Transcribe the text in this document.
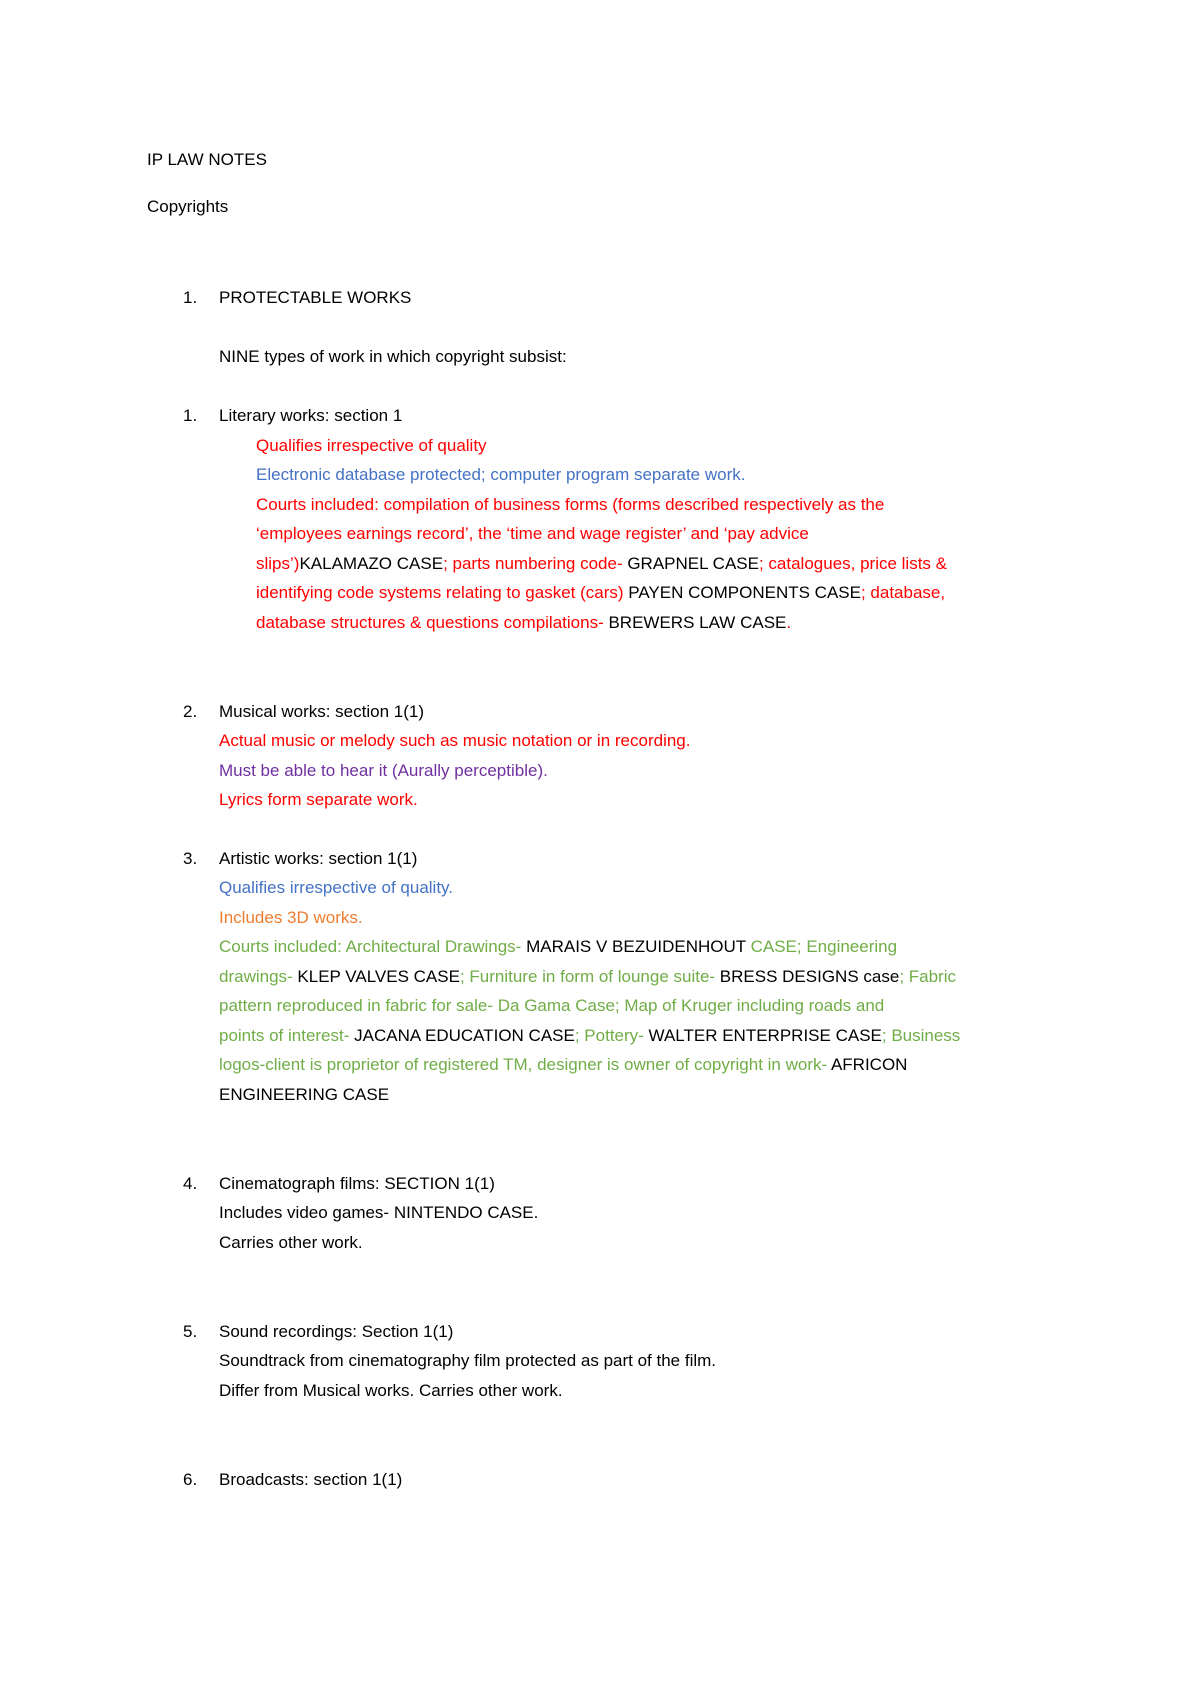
IP LAW NOTES
Copyrights
1.	PROTECTABLE WORKS
NINE types of work in which copyright subsist:
1.	Literary works: section 1
Qualifies irrespective of quality
Electronic database protected; computer program separate work.
Courts included: compilation of business forms (forms described respectively as the
‘employees earnings record’, the ‘time and wage register’ and ‘pay advice
slips’)KALAMAZO CASE; parts numbering code- GRAPNEL CASE; catalogues, price lists &
identifying code systems relating to gasket (cars) PAYEN COMPONENTS CASE; database,
database structures & questions compilations- BREWERS LAW CASE.
2.	Musical works: section 1(1)
Actual music or melody such as music notation or in recording.
Must be able to hear it (Aurally perceptible).
Lyrics form separate work.
3.	Artistic works: section 1(1)
Qualifies irrespective of quality.
Includes 3D works.
Courts included: Architectural Drawings- MARAIS V BEZUIDENHOUT CASE; Engineering
drawings- KLEP VALVES CASE; Furniture in form of lounge suite- BRESS DESIGNS case; Fabric
pattern reproduced in fabric for sale- Da Gama Case; Map of Kruger including roads and
points of interest- JACANA EDUCATION CASE; Pottery- WALTER ENTERPRISE CASE; Business
logos-client is proprietor of registered TM, designer is owner of copyright in work- AFRICON
ENGINEERING CASE
4.	Cinematograph films: SECTION 1(1)
Includes video games- NINTENDO CASE.
Carries other work.
5.	Sound recordings: Section 1(1)
Soundtrack from cinematography film protected as part of the film.
Differ from Musical works. Carries other work.
6.	Broadcasts: section 1(1)
